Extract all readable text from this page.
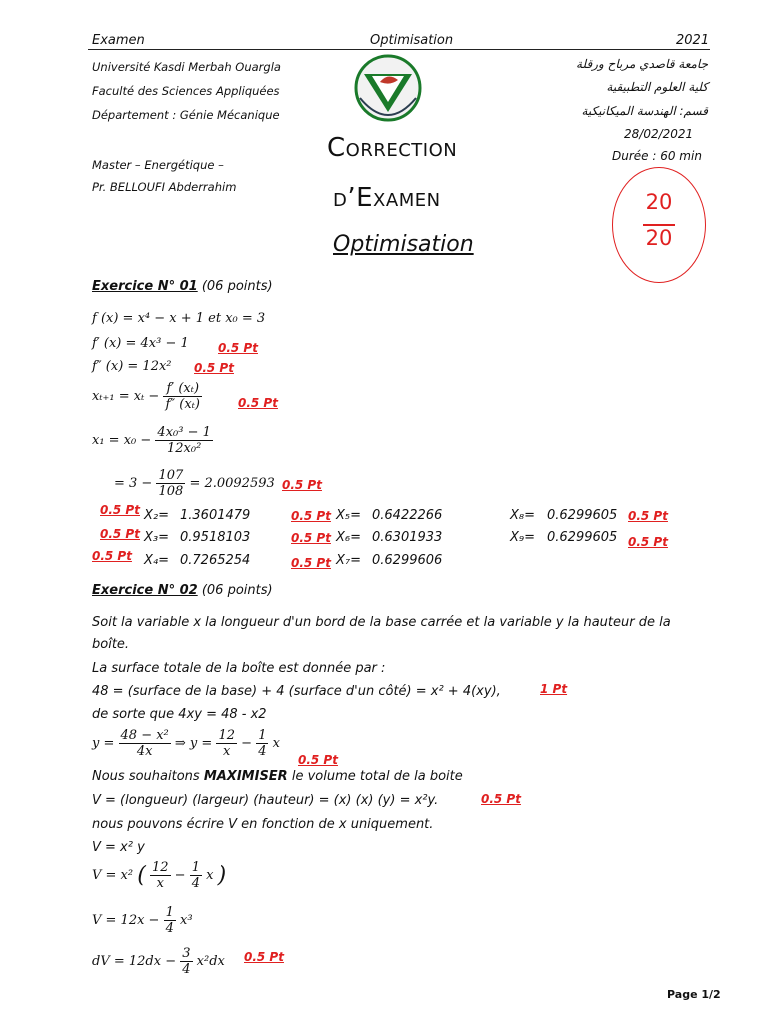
Examen	Optimisation	2021
Université Kasdi Merbah Ouargla
Faculté des Sciences Appliquées
Département : Génie Mécanique
Master – Energétique –
Pr. BELLOUFI Abderrahim
جامعة قاصدي مرباح ورقلة
كلية العلوم التطبيقية
قسم: الهندسة الميكانيكية
28/02/2021
Durée : 60 min
Correction
d’Examen
Optimisation
20
20
Exercice N° 01 (06 points)
f (x) = x⁴ − x + 1 et x₀ = 3
f′ (x) = 4x³ − 1 0.5 Pt
f″ (x) = 12x² 0.5 Pt
$x_{t+1} = x_t - \frac{\text{f′ (xₜ)}}{\text{f″ (xₜ)}}$	0.5 Pt
$x_1 = x_0 - \frac{\text{4x₀³ − 1}}{\text{12x₀²}}$
= $3 - \frac{107}{108} = 2.0092593$ 0.5 Pt
0.5 Pt X₂= 1.3601479	0.5 Pt X₅= 0.6422266	X₈= 0.6299605 0.5 Pt
0.5 Pt X₃= 0.9518103	0.5 Pt X₆= 0.6301933	X₉= 0.6299605 0.5 Pt
0.5 Pt X₄= 0.7265254	0.5 Pt X₇= 0.6299606
Exercice N° 02 (06 points)
Soit la variable x la longueur d'un bord de la base carrée et la variable y la hauteur de la
boîte.
La surface totale de la boîte est donnée par :
48 = (surface de la base) + 4 (surface d'un côté) = x² + 4(xy),	1 Pt
de sorte que 4xy = 48 - x2
$y = \frac{\text{48 − x²}}{4x}$ ⇒ $y = \frac{12}{x} - \frac{1}{4}$ x
0.5 Pt
Nous souhaitons MAXIMISER le volume total de la boite
V = (longueur) (largeur) (hauteur) = (x) (x) (y) = x²y.	0.5 Pt
nous pouvons écrire V en fonction de x uniquement.
V = x² y
V = x² ( $\frac{12}{x} - \frac{1}{4}$ x )
$V = 12x - \frac{1}{4} x^3$
dV = $12dx - \frac{3}{4} x^2dx$ 0.5 Pt
Page 1/2
